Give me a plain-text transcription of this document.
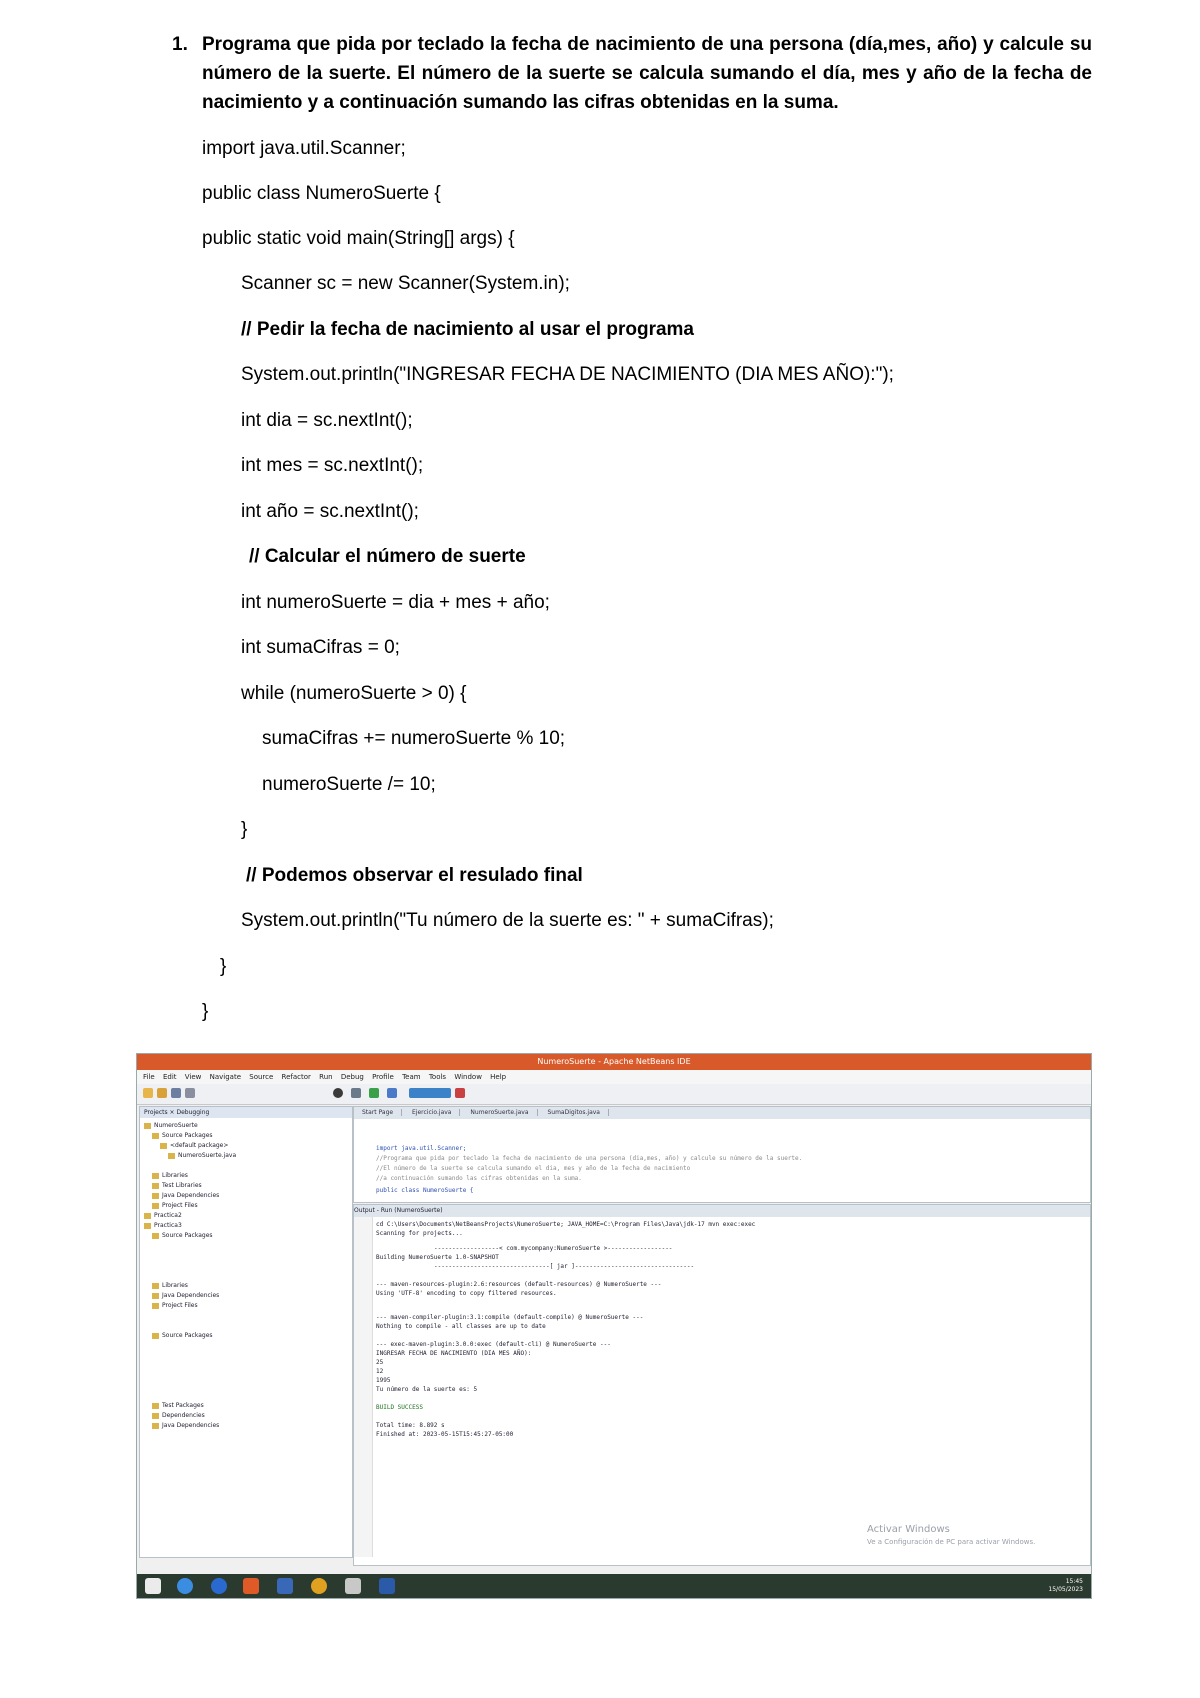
1. Programa que pida por teclado la fecha de nacimiento de una persona (día,mes, año) y calcule su número de la suerte. El número de la suerte se calcula sumando el día, mes y año de la fecha de nacimiento y a continuación sumando las cifras obtenidas en la suma.
import java.util.Scanner;
public class NumeroSuerte {
public static void main(String[] args) {
Scanner sc = new Scanner(System.in);
// Pedir la fecha de nacimiento al usar el programa
System.out.println("INGRESAR FECHA DE NACIMIENTO (DIA MES AÑO):");
int dia = sc.nextInt();
int mes = sc.nextInt();
int año = sc.nextInt();
// Calcular el número de suerte
int numeroSuerte = dia + mes + año;
int sumaCifras = 0;
while (numeroSuerte > 0) {
sumaCifras += numeroSuerte % 10;
numeroSuerte /= 10;
}
// Podemos observar el resulado final
System.out.println("Tu número de la suerte es: " + sumaCifras);
}
}
NumeroSuerte - Apache NetBeans IDE
File Edit View Navigate Source Refactor Run Debug Profile Team Tools Window Help
Projects × Debugging
NumeroSuerte
Source Packages
<default package>
NumeroSuerte.java
Libraries
Test Libraries
Java Dependencies
Project Files
Practica2
Practica3
Source Packages
Libraries
Java Dependencies
Project Files
Source Packages
Test Packages
Dependencies
Java Dependencies
Start Page	Ejercicio.java	NumeroSuerte.java	SumaDigitos.java
import java.util.Scanner;
//Programa que pida por teclado la fecha de nacimiento de una persona (dia,mes, año) y calcule su número de la suerte.
//El número de la suerte se calcula sumando el dia, mes y año de la fecha de nacimiento
//a continuación sumando las cifras obtenidas en la suma.
public class NumeroSuerte {
Output - Run (NumeroSuerte)
cd C:\Users\Documents\NetBeansProjects\NumeroSuerte; JAVA_HOME=C:\Program Files\Java\jdk-17 mvn exec:exec
Scanning for projects...
------------------< com.mycompany:NumeroSuerte >------------------
Building NumeroSuerte 1.0-SNAPSHOT
--------------------------------[ jar ]---------------------------------
--- maven-resources-plugin:2.6:resources (default-resources) @ NumeroSuerte ---
Using 'UTF-8' encoding to copy filtered resources.
--- maven-compiler-plugin:3.1:compile (default-compile) @ NumeroSuerte ---
Nothing to compile - all classes are up to date
--- exec-maven-plugin:3.0.0:exec (default-cli) @ NumeroSuerte ---
INGRESAR FECHA DE NACIMIENTO (DIA MES AÑO):
25
12
1995
Tu número de la suerte es: 5
BUILD SUCCESS
Total time: 8.892 s
Finished at: 2023-05-15T15:45:27-05:00
Activar Windows
Ve a Configuración de PC para activar Windows.
15:45
15/05/2023
